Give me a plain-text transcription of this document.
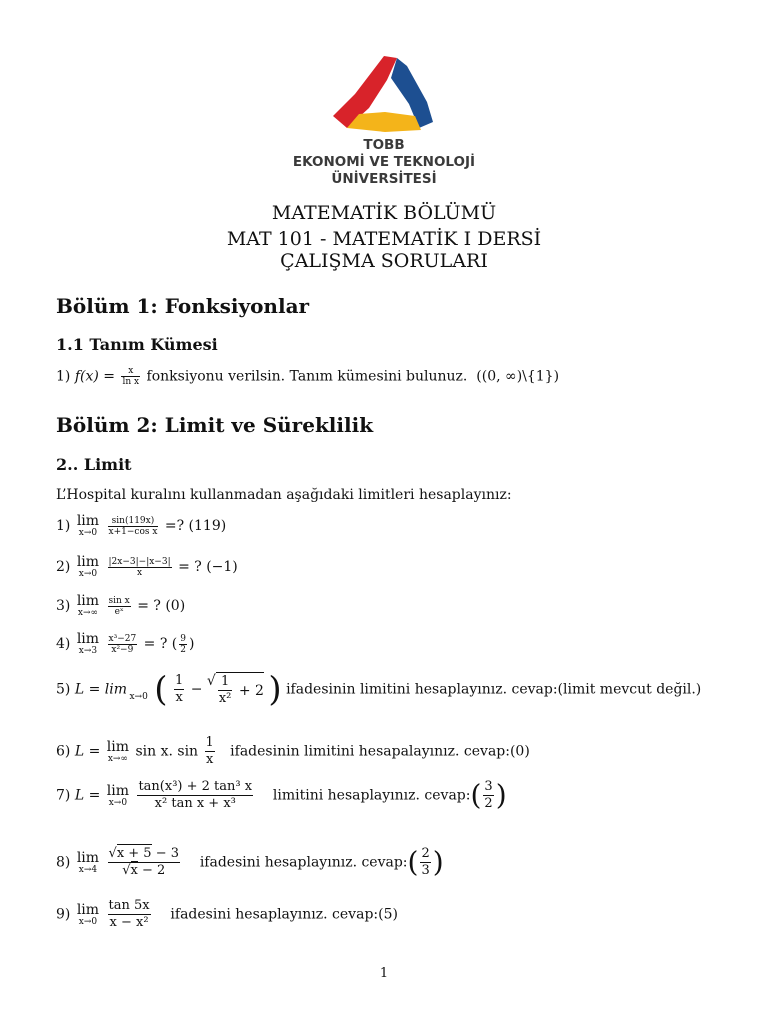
TOBB
EKONOMİ VE TEKNOLOJİ
ÜNİVERSİTESİ
MATEMATİK BÖLÜMÜ
MAT 101 - MATEMATİK I DERSİ
ÇALIŞMA SORULARI
Bölüm 1: Fonksiyonlar
1.1 Tanım Kümesi
1) $f(x) = \frac{x}{\text{ln x}}$ fonksiyonu verilsin. Tanım kümesini bulunuz. ((0, ∞)\{1})
Bölüm 2: Limit ve Süreklilik
2.. Limit
L’Hospital kuralını kullanmadan aşağıdaki limitleri hesaplayınız:
1) lim
x→0
$\frac{\sin(119x)}{\text{x+1−cos x}}$ =? (119)
2) lim
x→0
$\frac{|2x-3|-|x-3|}{x}$ = ? (−1)
3) lim
x→∞
$\frac{\text{sin x}}{\text{eˣ}}$ = ? (0)
4) lim
x→3
$\frac{\text{x³−27}}{\text{x²−9}}$ = ? ( $\frac{9}{2}$ )
5) L = lim
x→0 ( $\frac{1}{x}$ − √ $\frac{1}{\text{x²}}$
+ 2 ) ifadesinin limitini hesaplayınız. cevap:(limit mevcut değil.)
6) L = lim
x→∞ sin x. $\sin \frac{1}{x}$ ifadesinin limitini hesapalayınız. cevap:(0)
7) L = lim
x→0
$\frac{\text{tan(x³) + 2 tan³ x}}{\text{x² tan x + x³}}$ limitini hesaplayınız. cevap:( $\frac{3}{2}$ )
8) lim
x→4
$\frac{√x + 5 - 3}{√x - 2}$ ifadesini hesaplayınız. cevap:( $\frac{2}{3}$ )
9) lim
x→0
$\frac{\tan 5x}{\text{x − x²}}$ ifadesini hesaplayınız. cevap:(5)
1
